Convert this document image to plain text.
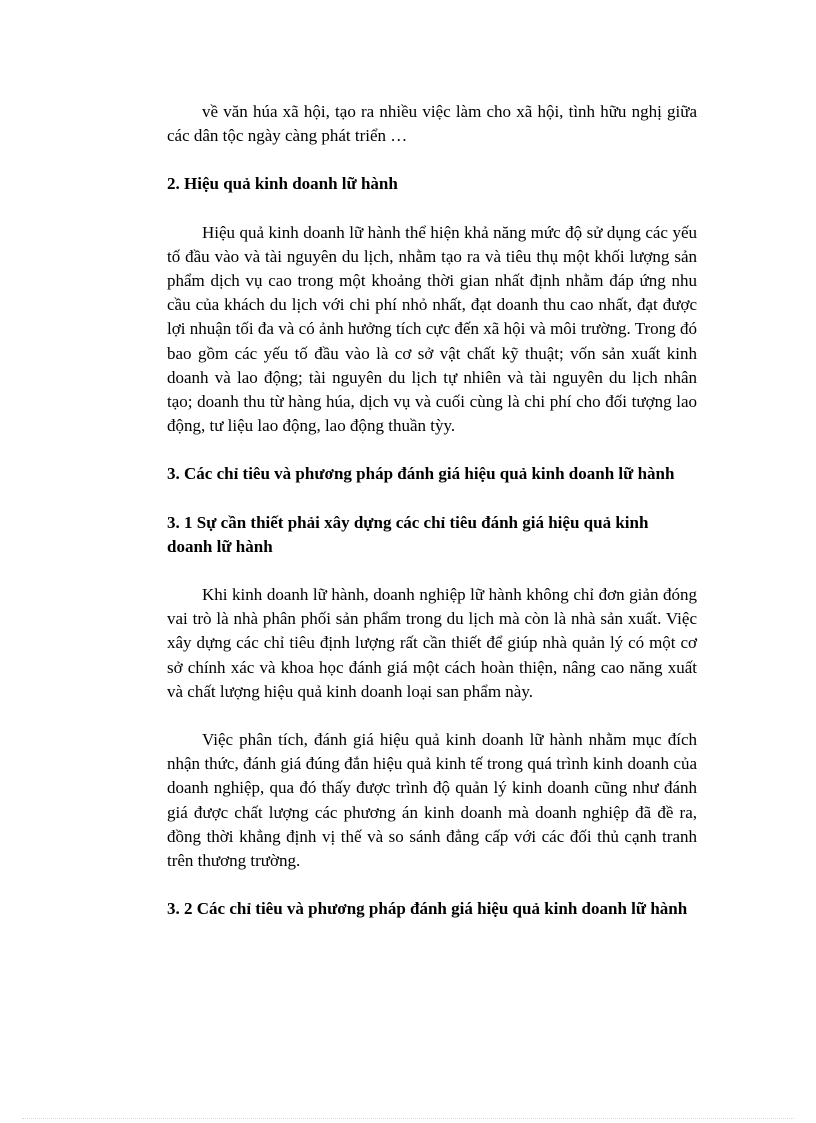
về văn húa xã hội, tạo ra nhiều việc làm cho xã hội, tình hữu nghị giữa các dân tộc ngày càng phát triển …

2. Hiệu quả kinh doanh lữ hành

Hiệu quả kinh doanh lữ hành thể hiện khả năng mức độ sử dụng các yếu tố đầu vào và tài nguyên du lịch, nhằm tạo ra và tiêu thụ một khối lượng sản phẩm dịch vụ cao trong một khoảng thời gian nhất định nhằm đáp ứng nhu cầu của khách du lịch với chi phí nhỏ nhất, đạt doanh thu cao nhất, đạt được lợi nhuận tối đa và có ảnh hưởng tích cực đến xã hội và môi trường. Trong đó bao gồm các yếu tố đầu vào là cơ sở vật chất kỹ thuật; vốn sản xuất kinh doanh và lao động; tài nguyên du lịch tự nhiên và tài nguyên du lịch nhân tạo; doanh thu từ hàng húa, dịch vụ và cuối cùng là chi phí cho đối tượng lao động, tư liệu lao động, lao động thuần tỳy.

3. Các chỉ tiêu và phương pháp đánh giá hiệu quả kinh doanh lữ hành
3. 1 Sự cần thiết phải xây dựng các chỉ tiêu đánh giá hiệu quả kinh doanh lữ hành

Khi kinh doanh lữ hành, doanh nghiệp lữ hành không chỉ đơn giản đóng vai trò là nhà phân phối sản phẩm trong du lịch mà còn là nhà sản xuất. Việc xây dựng các chỉ tiêu định lượng rất cần thiết để giúp nhà quản lý có một cơ sở chính xác và khoa học đánh giá một cách hoàn thiện, nâng cao năng xuất và chất lượng hiệu quả kinh doanh loại san phẩm này.

Việc phân tích, đánh giá hiệu quả kinh doanh lữ hành nhằm mục đích nhận thức, đánh giá đúng đắn hiệu quả kinh tế trong quá trình kinh doanh của doanh nghiệp, qua đó thấy được trình độ quản lý kinh doanh cũng như đánh giá được chất lượng các phương án kinh doanh mà doanh nghiệp đã đề ra, đồng thời khẳng định vị thế và so sánh đẳng cấp với các đối thủ cạnh tranh trên thương trường.

3. 2 Các chỉ tiêu và phương pháp đánh giá hiệu quả kinh doanh lữ hành
